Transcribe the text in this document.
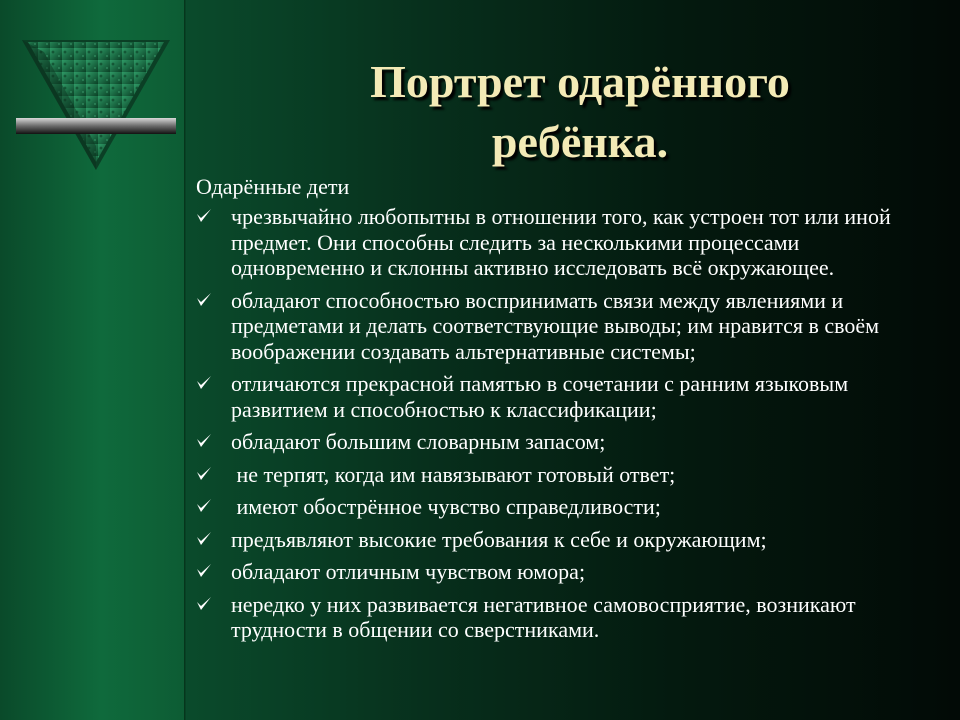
Портрет одарённого ребёнка.

Одарённые дети

чрезвычайно любопытны в отношении того, как устроен тот или иной предмет. Они способны следить за несколькими процессами одновременно и склонны активно исследовать всё окружающее.
обладают способностью воспринимать связи между явлениями и предметами и делать соответствующие выводы; им нравится в своём воображении создавать альтернативные системы;
отличаются прекрасной памятью в сочетании с ранним языковым развитием и способностью к классификации;
обладают большим словарным запасом;
не терпят, когда им навязывают готовый ответ;
имеют обострённое чувство справедливости;
предъявляют высокие требования к себе и окружающим;
обладают отличным чувством юмора;
нередко у них развивается негативное самовосприятие, возникают трудности в общении со сверстниками.
